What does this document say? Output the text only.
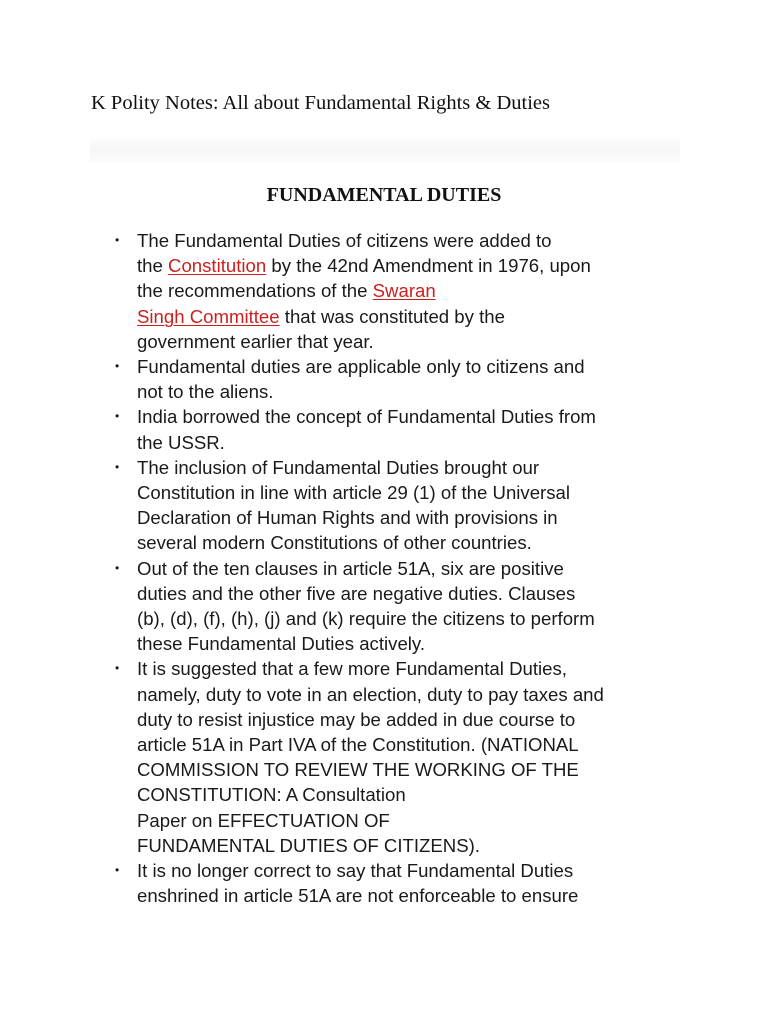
K Polity Notes: All about Fundamental Rights & Duties
FUNDAMENTAL DUTIES
• The Fundamental Duties of citizens were added to
the Constitution by the 42nd Amendment in 1976, upon
the recommendations of the Swaran
Singh Committee that was constituted by the
government earlier that year.
• Fundamental duties are applicable only to citizens and
not to the aliens.
• India borrowed the concept of Fundamental Duties from
the USSR.
• The inclusion of Fundamental Duties brought our
Constitution in line with article 29 (1) of the Universal
Declaration of Human Rights and with provisions in
several modern Constitutions of other countries.
• Out of the ten clauses in article 51A, six are positive
duties and the other five are negative duties. Clauses
(b), (d), (f), (h), (j) and (k) require the citizens to perform
these Fundamental Duties actively.
• It is suggested that a few more Fundamental Duties,
namely, duty to vote in an election, duty to pay taxes and
duty to resist injustice may be added in due course to
article 51A in Part IVA of the Constitution. (NATIONAL
COMMISSION TO REVIEW THE WORKING OF THE
CONSTITUTION: A Consultation
Paper on EFFECTUATION OF
FUNDAMENTAL DUTIES OF CITIZENS).
• It is no longer correct to say that Fundamental Duties
enshrined in article 51A are not enforceable to ensure
